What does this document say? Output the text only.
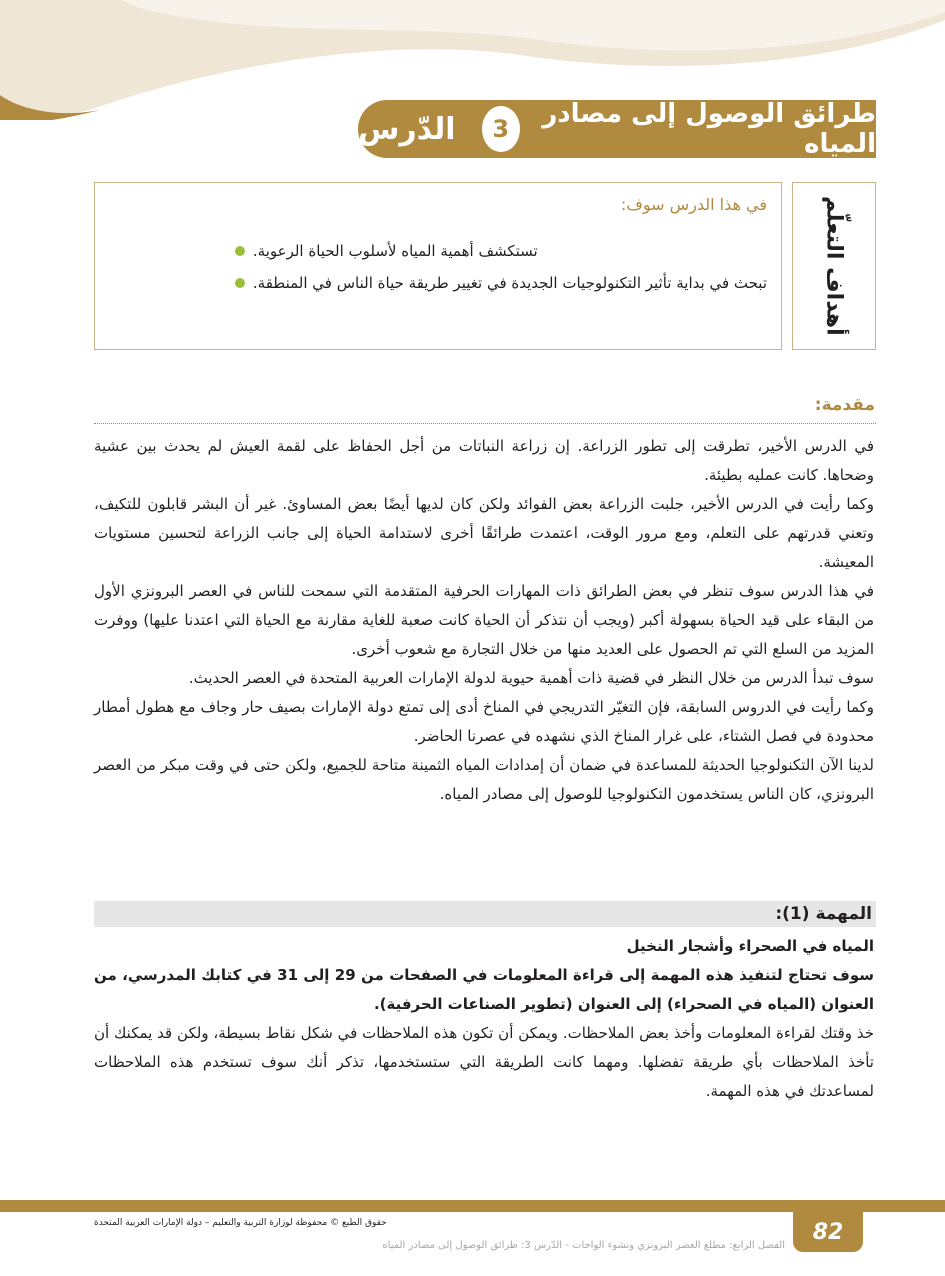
الدّرس	3	طرائق الوصول إلى مصادر المياه
أهداف التعلّم
في هذا الدرس سوف:
تستكشف أهمية المياه لأسلوب الحياة الرعوية.
تبحث في بداية تأثير التكنولوجيات الجديدة في تغيير طريقة حياة الناس في المنطقة.
مقدمة:

في الدرس الأخير، تطرقت إلى تطور الزراعة. إن زراعة النباتات من أجل الحفاظ على لقمة العيش لم يحدث بين عشية وضحاها. كانت عمليه بطيئة.

وكما رأيت في الدرس الأخير، جلبت الزراعة بعض الفوائد ولكن كان لديها أيضًا بعض المساوئ. غير أن البشر قابلون للتكيف، وتعني قدرتهم على التعلم، ومع مرور الوقت، اعتمدت طرائقًا أخرى لاستدامة الحياة إلى جانب الزراعة لتحسين مستويات المعيشة.

في هذا الدرس سوف تنظر في بعض الطرائق ذات المهارات الحرفية المتقدمة التي سمحت للناس في العصر البرونزي الأول من البقاء على قيد الحياة بسهولة أكبر (ويجب أن نتذكر أن الحياة كانت صعبة للغاية مقارنة مع الحياة التي اعتدنا عليها) ووفرت المزيد من السلع التي تم الحصول على العديد منها من خلال التجارة مع شعوب أخرى.

سوف تبدأ الدرس من خلال النظر في قضية ذات أهمية حيوية لدولة الإمارات العربية المتحدة في العصر الحديث.

وكما رأيت في الدروس السابقة، فإن التغيّر التدريجي في المناخ أدى إلى تمتع دولة الإمارات بصيف حار وجاف مع هطول أمطار محدودة في فصل الشتاء، على غرار المناخ الذي نشهده في عصرنا الحاضر.

لدينا الآن التكنولوجيا الحديثة للمساعدة في ضمان أن إمدادات المياه الثمينة متاحة للجميع، ولكن حتى في وقت مبكر من العصر البرونزي، كان الناس يستخدمون التكنولوجيا للوصول إلى مصادر المياه.

المهمة (1):

المياه في الصحراء وأشجار النخيل

سوف تحتاج لتنفيذ هذه المهمة إلى قراءة المعلومات في الصفحات من 29 إلى 31 في كتابك المدرسي، من العنوان (المياه في الصحراء) إلى العنوان (تطوير الصناعات الحرفية).

خذ وقتك لقراءة المعلومات وأخذ بعض الملاحظات. ويمكن أن تكون هذه الملاحظات في شكل نقاط بسيطة، ولكن قد يمكنك أن تأخذ الملاحظات بأي طريقة تفضلها. ومهما كانت الطريقة التي ستستخدمها، تذكر أنك سوف تستخدم هذه الملاحظات لمساعدتك في هذه المهمة.

82
حقوق الطبع © محفوظة لوزارة التربية والتعليم – دولة الإمارات العربية المتحدة
الفصل الرابع: مطلع العصر البرونزي ونشوء الواحات - الدّرس 3: طرائق الوصول إلى مصادر المياه
